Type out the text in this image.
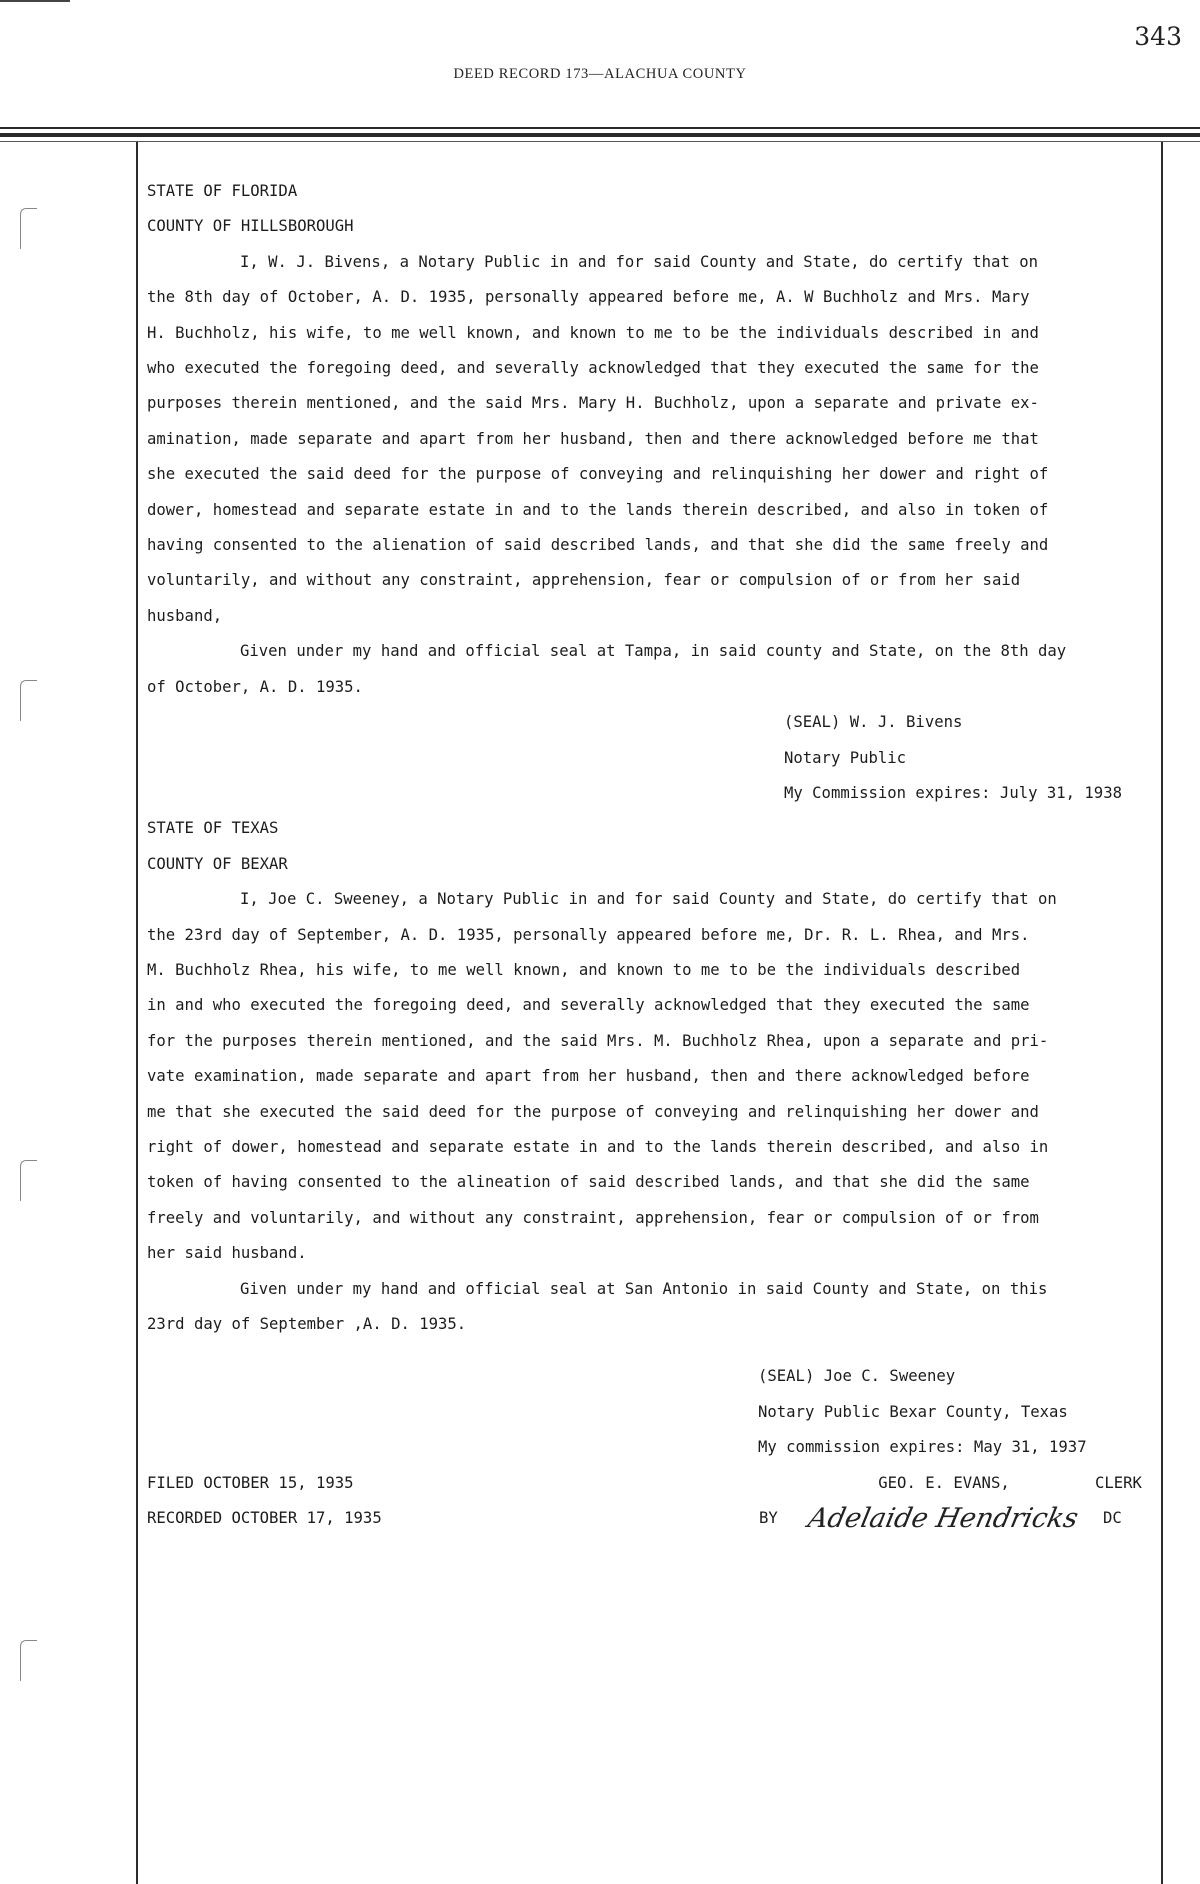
343
DEED RECORD 173—ALACHUA COUNTY
STATE OF FLORIDA
COUNTY OF HILLSBOROUGH
I, W. J. Bivens, a Notary Public in and for said County and State, do certify that on
the 8th day of October, A. D. 1935, personally appeared before me, A. W Buchholz and Mrs. Mary
H. Buchholz, his wife, to me well known, and known to me to be the individuals described in and
who executed the foregoing deed, and severally acknowledged that they executed the same for the
purposes therein mentioned, and the said Mrs. Mary H. Buchholz, upon a separate and private ex-
amination, made separate and apart from her husband, then and there acknowledged before me that
she executed the said deed for the purpose of conveying and relinquishing her dower and right of
dower, homestead and separate estate in and to the lands therein described, and also in token of
having consented to the alienation of said described lands, and that she did the same freely and
voluntarily, and without any constraint, apprehension, fear or compulsion of or from her said
husband,
Given under my hand and official seal at Tampa, in said county and State, on the 8th day
of October, A. D. 1935.
(SEAL) W. J. Bivens
Notary Public
My Commission expires: July 31, 1938
STATE OF TEXAS
COUNTY OF BEXAR
I, Joe C. Sweeney, a Notary Public in and for said County and State, do certify that on
the 23rd day of September, A. D. 1935, personally appeared before me, Dr. R. L. Rhea, and Mrs.
M. Buchholz Rhea, his wife, to me well known, and known to me to be the individuals described
in and who executed the foregoing deed, and severally acknowledged that they executed the same
for the purposes therein mentioned, and the said Mrs. M. Buchholz Rhea, upon a separate and pri-
vate examination, made separate and apart from her husband, then and there acknowledged before
me that she executed the said deed for the purpose of conveying and relinquishing her dower and
right of dower, homestead and separate estate in and to the lands therein described, and also in
token of having consented to the alineation of said described lands, and that she did the same
freely and voluntarily, and without any constraint, apprehension, fear or compulsion of or from
her said husband.
Given under my hand and official seal at San Antonio in said County and State, on this
23rd day of September ,A. D. 1935.
(SEAL) Joe C. Sweeney
Notary Public Bexar County, Texas
My commission expires: May 31, 1937
FILED OCTOBER 15, 1935
RECORDED OCTOBER 17, 1935
GEO. E. EVANS,	CLERK
BY	Adelaide Hendricks	DC
